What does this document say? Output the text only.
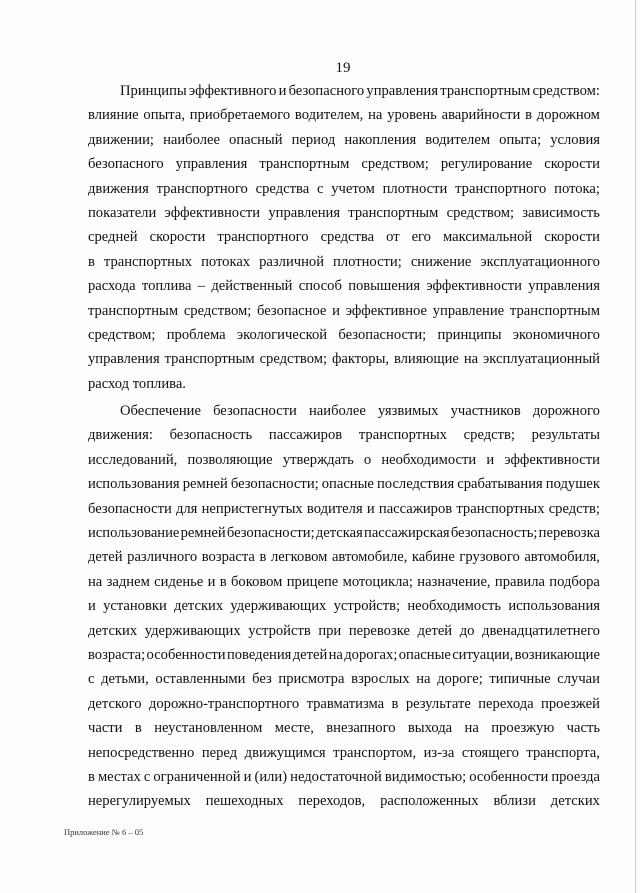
19
Принципы эффективного и безопасного управления транспортным средством:
влияние опыта, приобретаемого водителем, на уровень аварийности в дорожном
движении; наиболее опасный период накопления водителем опыта; условия
безопасного управления транспортным средством; регулирование скорости
движения транспортного средства с учетом плотности транспортного потока;
показатели эффективности управления транспортным средством; зависимость
средней скорости транспортного средства от его максимальной скорости
в транспортных потоках различной плотности; снижение эксплуатационного
расхода топлива – действенный способ повышения эффективности управления
транспортным средством; безопасное и эффективное управление транспортным
средством; проблема экологической безопасности; принципы экономичного
управления транспортным средством; факторы, влияющие на эксплуатационный
расход топлива.
Обеспечение безопасности наиболее уязвимых участников дорожного
движения: безопасность пассажиров транспортных средств; результаты
исследований, позволяющие утверждать о необходимости и эффективности
использования ремней безопасности; опасные последствия срабатывания подушек
безопасности для непристегнутых водителя и пассажиров транспортных средств;
использование ремней безопасности; детская пассажирская безопасность; перевозка
детей различного возраста в легковом автомобиле, кабине грузового автомобиля,
на заднем сиденье и в боковом прицепе мотоцикла; назначение, правила подбора
и установки детских удерживающих устройств; необходимость использования
детских удерживающих устройств при перевозке детей до двенадцатилетнего
возраста; особенности поведения детей на дорогах; опасные ситуации, возникающие
с детьми, оставленными без присмотра взрослых на дороге; типичные случаи
детского дорожно-транспортного травматизма в результате перехода проезжей
части в неустановленном месте, внезапного выхода на проезжую часть
непосредственно перед движущимся транспортом, из-за стоящего транспорта,
в местах с ограниченной и (или) недостаточной видимостью; особенности проезда
нерегулируемых пешеходных переходов, расположенных вблизи детских
Приложение № 6 – 05
